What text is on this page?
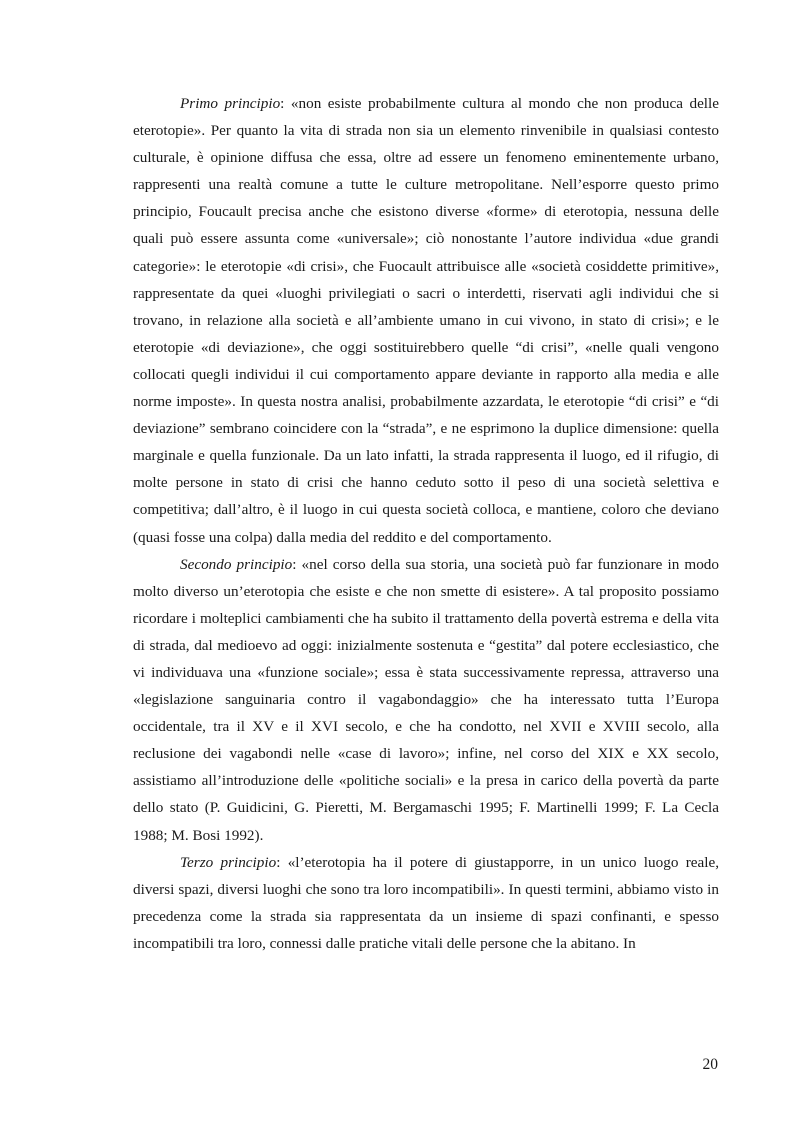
Primo principio: «non esiste probabilmente cultura al mondo che non produca delle eterotopie». Per quanto la vita di strada non sia un elemento rinvenibile in qualsiasi contesto culturale, è opinione diffusa che essa, oltre ad essere un fenomeno eminentemente urbano, rappresenti una realtà comune a tutte le culture metropolitane. Nell’esporre questo primo principio, Foucault precisa anche che esistono diverse «forme» di eterotopia, nessuna delle quali può essere assunta come «universale»; ciò nonostante l’autore individua «due grandi categorie»: le eterotopie «di crisi», che Fuocault attribuisce alle «società cosiddette primitive», rappresentate da quei «luoghi privilegiati o sacri o interdetti, riservati agli individui che si trovano, in relazione alla società e all’ambiente umano in cui vivono, in stato di crisi»; e le eterotopie «di deviazione», che oggi sostituirebbero quelle “di crisi”, «nelle quali vengono collocati quegli individui il cui comportamento appare deviante in rapporto alla media e alle norme imposte». In questa nostra analisi, probabilmente azzardata, le eterotopie “di crisi” e “di deviazione” sembrano coincidere con la “strada”, e ne esprimono la duplice dimensione: quella marginale e quella funzionale. Da un lato infatti, la strada rappresenta il luogo, ed il rifugio, di molte persone in stato di crisi che hanno ceduto sotto il peso di una società selettiva e competitiva; dall’altro, è il luogo in cui questa società colloca, e mantiene, coloro che deviano (quasi fosse una colpa) dalla media del reddito e del comportamento.

Secondo principio: «nel corso della sua storia, una società può far funzionare in modo molto diverso un’eterotopia che esiste e che non smette di esistere». A tal proposito possiamo ricordare i molteplici cambiamenti che ha subito il trattamento della povertà estrema e della vita di strada, dal medioevo ad oggi: inizialmente sostenuta e “gestita” dal potere ecclesiastico, che vi individuava una «funzione sociale»; essa è stata successivamente repressa, attraverso una «legislazione sanguinaria contro il vagabondaggio» che ha interessato tutta l’Europa occidentale, tra il XV e il XVI secolo, e che ha condotto, nel XVII e XVIII secolo, alla reclusione dei vagabondi nelle «case di lavoro»; infine, nel corso del XIX e XX secolo, assistiamo all’introduzione delle «politiche sociali» e la presa in carico della povertà da parte dello stato (P. Guidicini, G. Pieretti, M. Bergamaschi 1995; F. Martinelli 1999; F. La Cecla 1988; M. Bosi 1992).

Terzo principio: «l’eterotopia ha il potere di giustapporre, in un unico luogo reale, diversi spazi, diversi luoghi che sono tra loro incompatibili». In questi termini, abbiamo visto in precedenza come la strada sia rappresentata da un insieme di spazi confinanti, e spesso incompatibili tra loro, connessi dalle pratiche vitali delle persone che la abitano. In

20
